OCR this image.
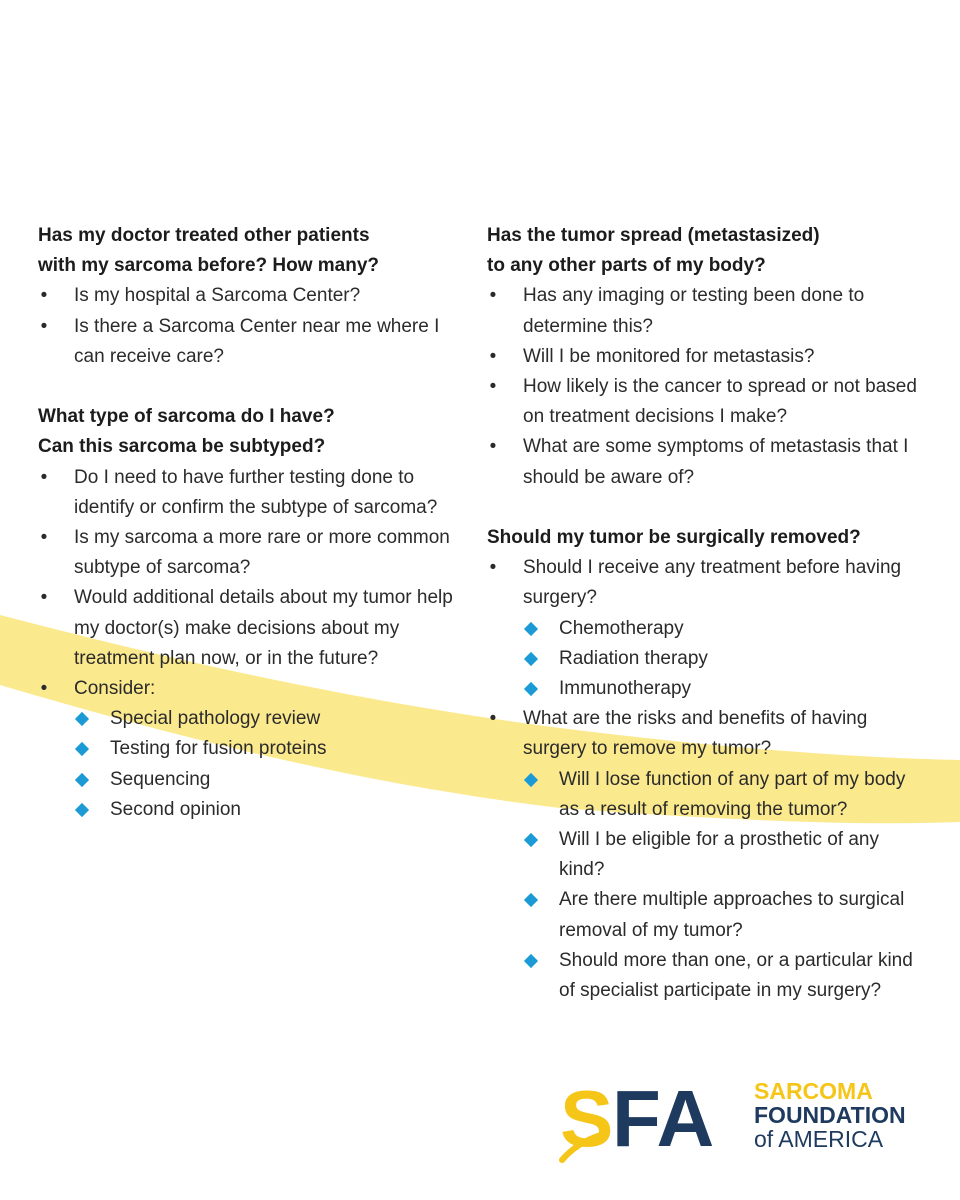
Has my doctor treated other patients
with my sarcoma before? How many?
• Is my hospital a Sarcoma Center?
• Is there a Sarcoma Center near me where I can receive care?
What type of sarcoma do I have?
Can this sarcoma be subtyped?
• Do I need to have further testing done to identify or confirm the subtype of sarcoma?
• Is my sarcoma a more rare or more common subtype of sarcoma?
• Would additional details about my tumor help my doctor(s) make decisions about my treatment plan now, or in the future?
• Consider:
Special pathology review
Testing for fusion proteins
Sequencing
Second opinion
Has the tumor spread (metastasized)
to any other parts of my body?
• Has any imaging or testing been done to determine this?
• Will I be monitored for metastasis?
• How likely is the cancer to spread or not based on treatment decisions I make?
• What are some symptoms of metastasis that I should be aware of?
Should my tumor be surgically removed?
• Should I receive any treatment before having surgery?
Chemotherapy
Radiation therapy
Immunotherapy
• What are the risks and benefits of having surgery to remove my tumor?
Will I lose function of any part of my body as a result of removing the tumor?
Will I be eligible for a prosthetic of any kind?
Are there multiple approaches to surgical removal of my tumor?
Should more than one, or a particular kind of specialist participate in my surgery?
S
FA SARCOMA
FOUNDATION
of AMERICA
